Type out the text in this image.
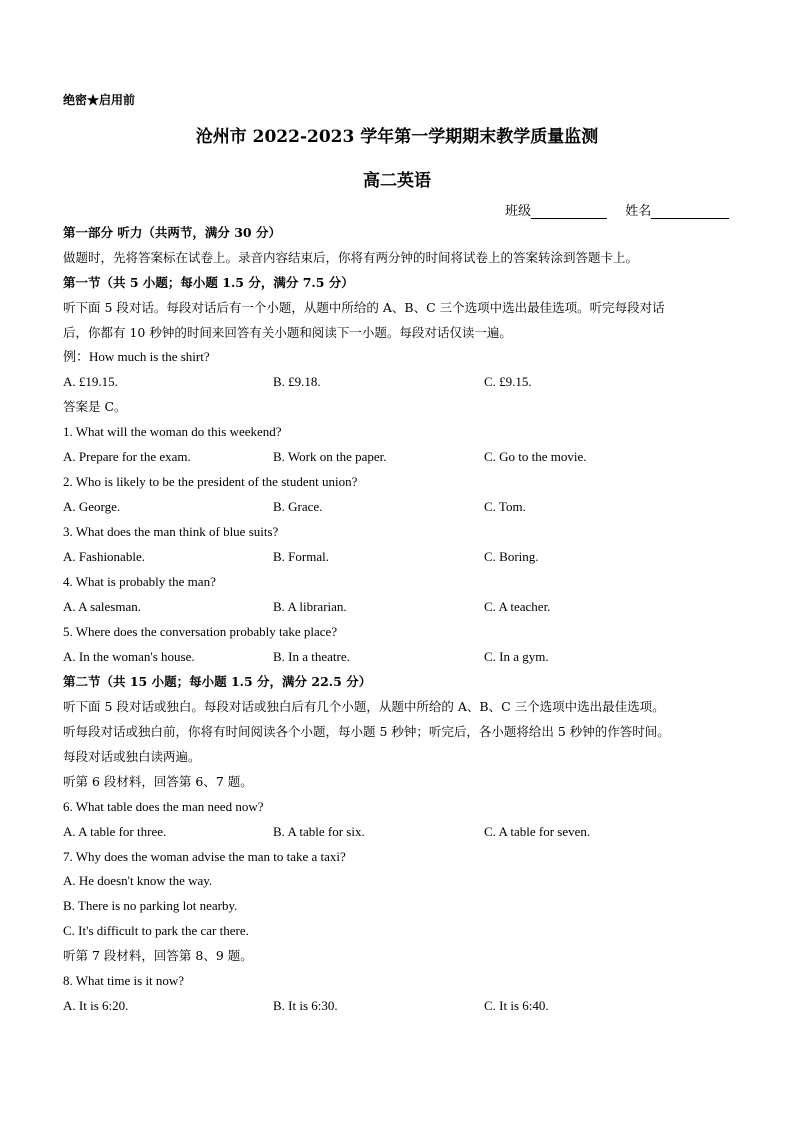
绝密★启用前
沧州市 2022-2023 学年第一学期期末教学质量监测
高二英语
班级	姓名
第一部分 听力（共两节，满分 30 分）
做题时，先将答案标在试卷上。录音内容结束后，你将有两分钟的时间将试卷上的答案转涂到答题卡上。
第一节（共 5 小题；每小题 1.5 分，满分 7.5 分）
听下面 5 段对话。每段对话后有一个小题，从题中所给的 A、B、C 三个选项中选出最佳选项。听完每段对话
后，你都有 10 秒钟的时间来回答有关小题和阅读下一小题。每段对话仅读一遍。
例：How much is the shirt?
A. £19.15.	B. £9.18.	C. £9.15.
答案是 C。
1. What will the woman do this weekend?
A. Prepare for the exam.	B. Work on the paper.	C. Go to the movie.
2. Who is likely to be the president of the student union?
A. George.	B. Grace.	C. Tom.
3. What does the man think of blue suits?
A. Fashionable.	B. Formal.	C. Boring.
4. What is probably the man?
A. A salesman.	B. A librarian.	C. A teacher.
5. Where does the conversation probably take place?
A. In the woman's house.	B. In a theatre.	C. In a gym.
第二节（共 15 小题；每小题 1.5 分，满分 22.5 分）
听下面 5 段对话或独白。每段对话或独白后有几个小题，从题中所给的 A、B、C 三个选项中选出最佳选项。
听每段对话或独白前，你将有时间阅读各个小题，每小题 5 秒钟；听完后，各小题将给出 5 秒钟的作答时间。
每段对话或独白读两遍。
听第 6 段材料，回答第 6、7 题。
6. What table does the man need now?
A. A table for three.	B. A table for six.	C. A table for seven.
7. Why does the woman advise the man to take a taxi?
A. He doesn't know the way.
B. There is no parking lot nearby.
C. It's difficult to park the car there.
听第 7 段材料，回答第 8、9 题。
8. What time is it now?
A. It is 6:20.	B. It is 6:30.	C. It is 6:40.
